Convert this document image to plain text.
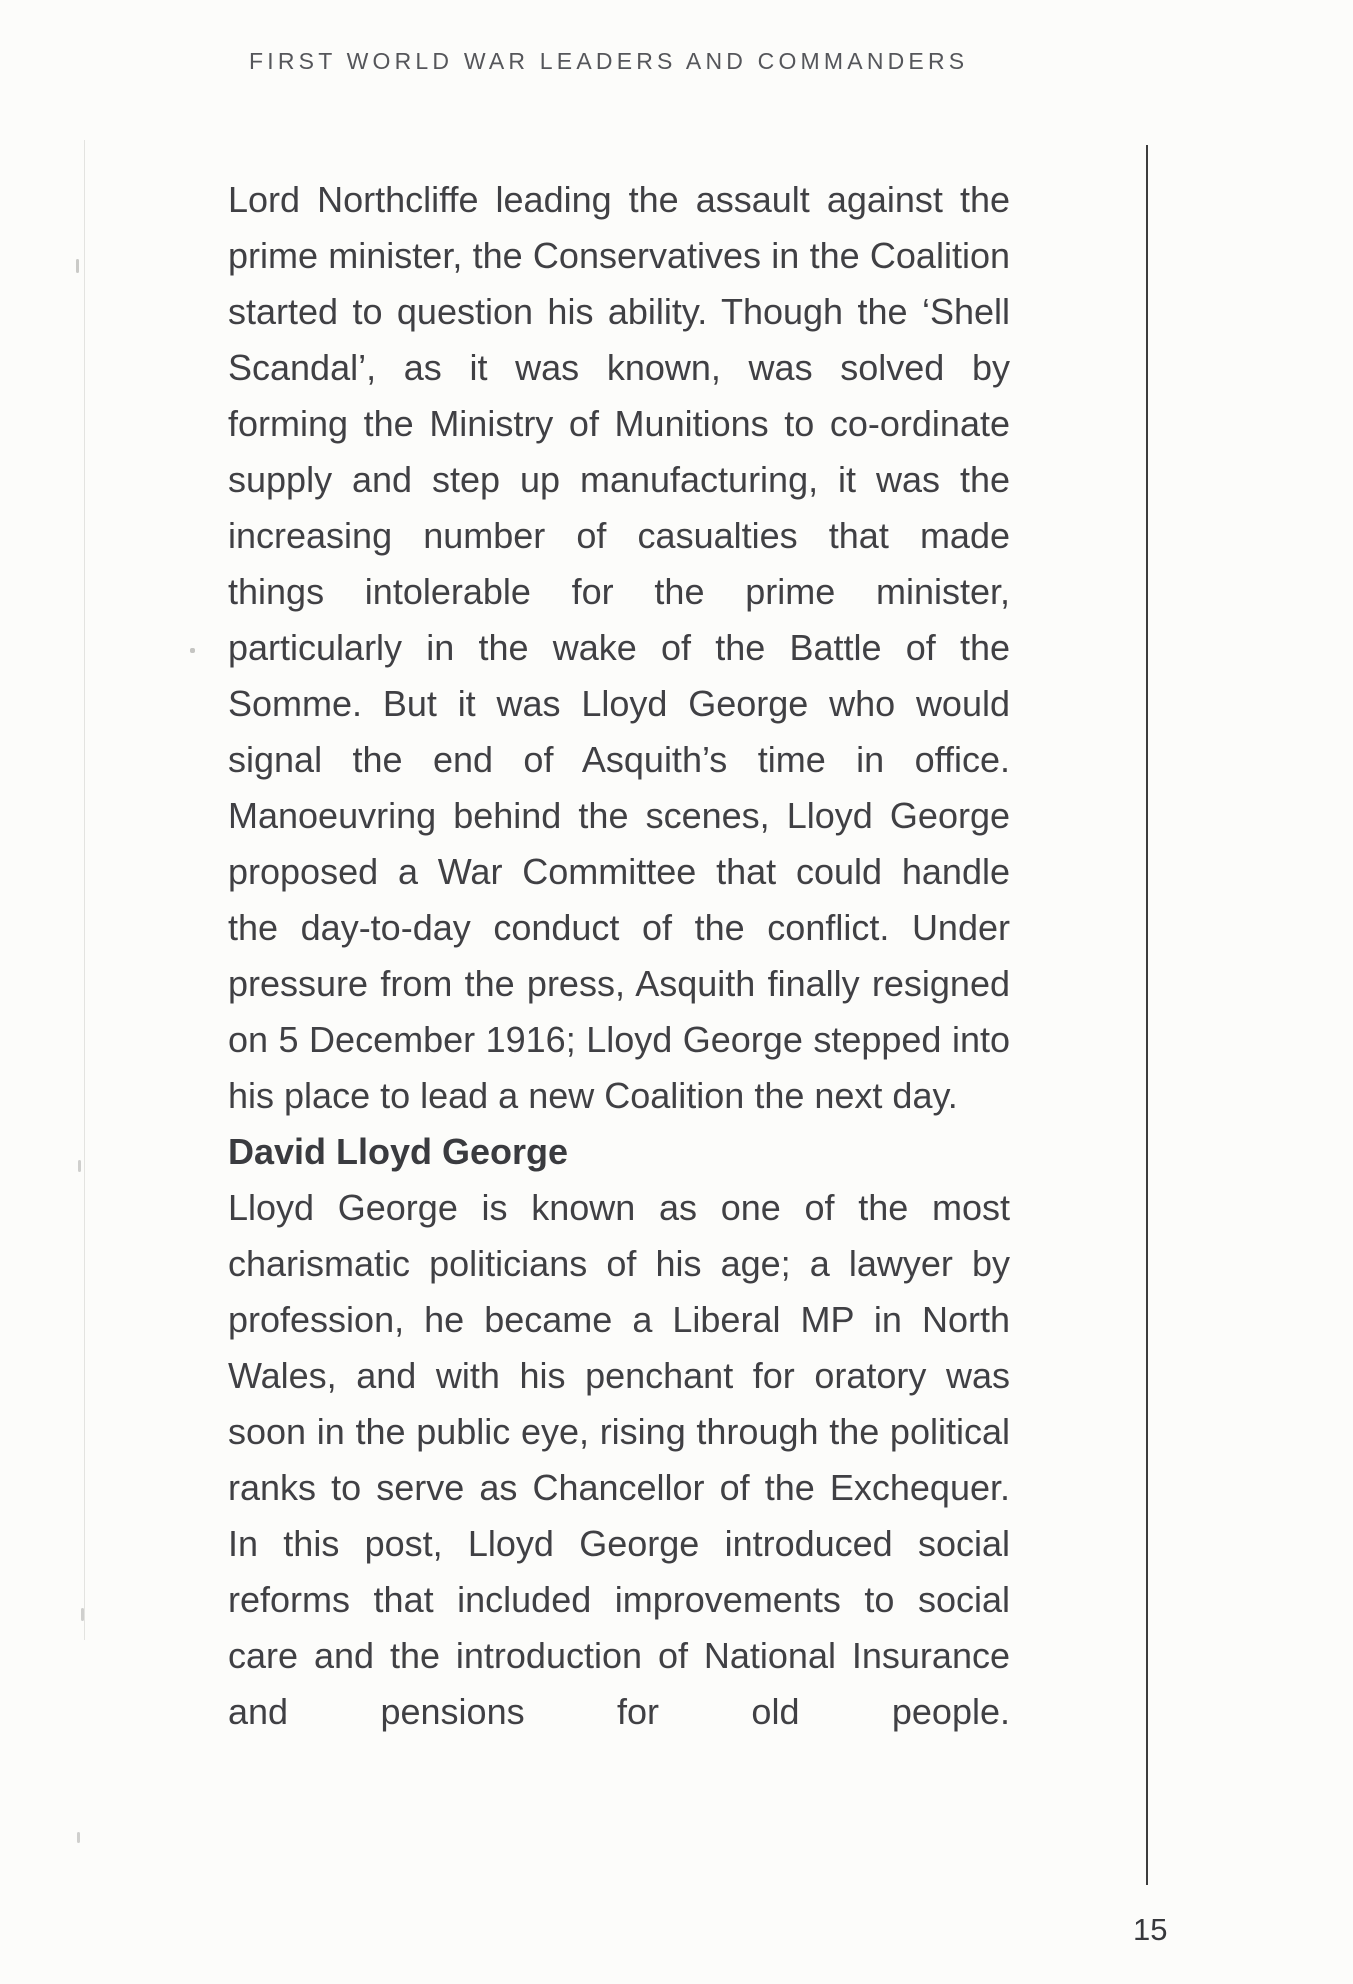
FIRST WORLD WAR LEADERS AND COMMANDERS

Lord Northcliffe leading the assault against the prime minister, the Conservatives in the Coalition started to question his ability. Though the ‘Shell Scandal’, as it was known, was solved by forming the Ministry of Munitions to co-ordinate supply and step up manufacturing, it was the increasing number of casualties that made things intolerable for the prime minister, particularly in the wake of the Battle of the Somme. But it was Lloyd George who would signal the end of Asquith’s time in office. Manoeuvring behind the scenes, Lloyd George proposed a War Committee that could handle the day-to-day conduct of the conflict. Under pressure from the press, Asquith finally resigned on 5 December 1916; Lloyd George stepped into his place to lead a new Coalition the next day.

David Lloyd George

Lloyd George is known as one of the most charismatic politicians of his age; a lawyer by profession, he became a Liberal MP in North Wales, and with his penchant for oratory was soon in the public eye, rising through the political ranks to serve as Chancellor of the Exchequer. In this post, Lloyd George introduced social reforms that included improvements to social care and the introduction of National Insurance and pensions for old people.

15
